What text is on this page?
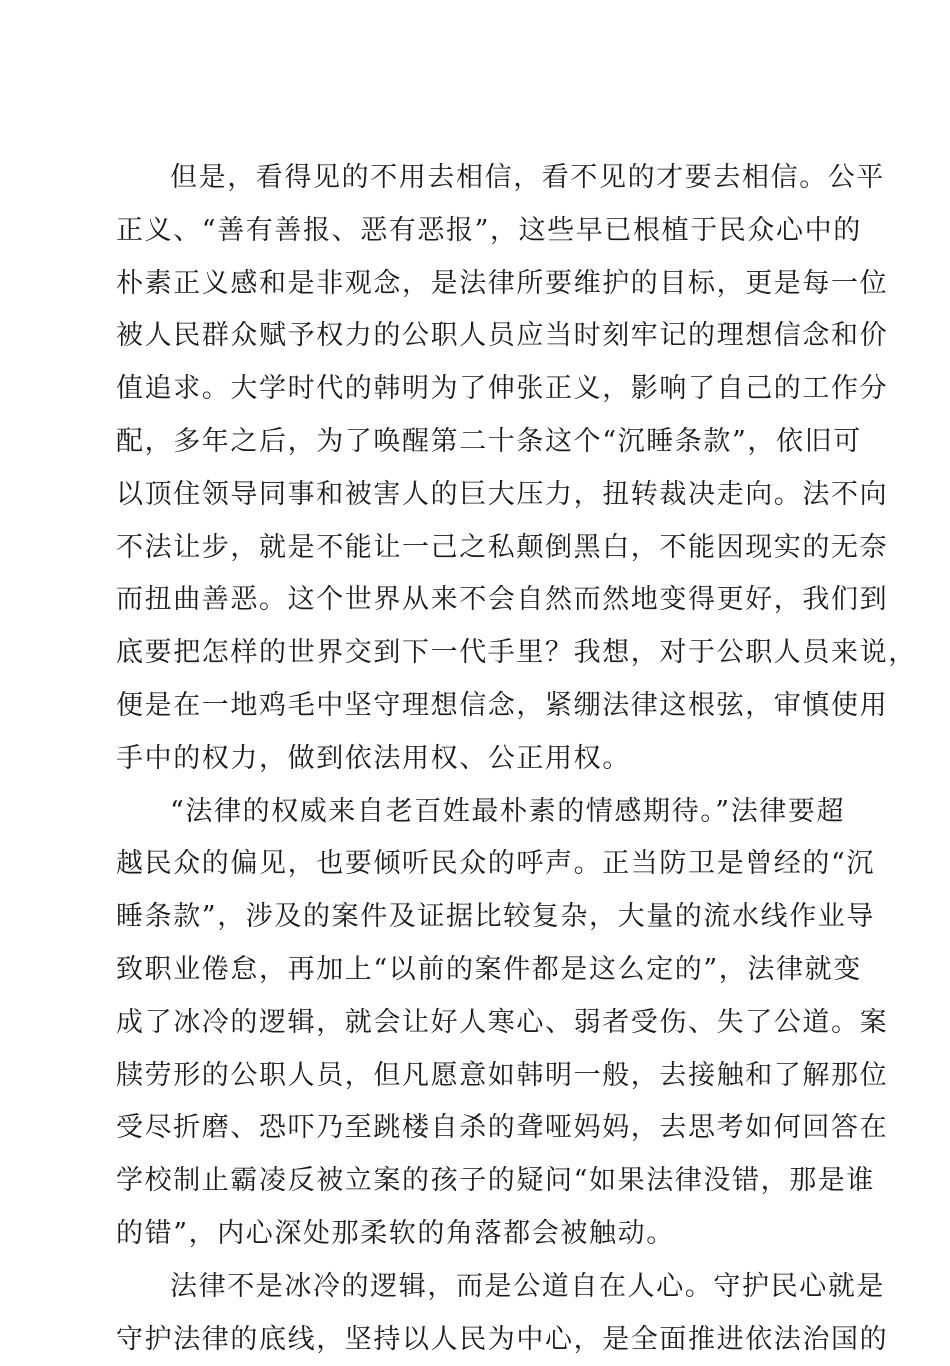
但是，看得见的不用去相信，看不见的才要去相信。公平
正义、“善有善报、恶有恶报”，这些早已根植于民众心中的
朴素正义感和是非观念，是法律所要维护的目标，更是每一位
被人民群众赋予权力的公职人员应当时刻牢记的理想信念和价
值追求。大学时代的韩明为了伸张正义，影响了自己的工作分
配，多年之后，为了唤醒第二十条这个“沉睡条款”，依旧可
以顶住领导同事和被害人的巨大压力，扭转裁决走向。法不向
不法让步，就是不能让一己之私颠倒黑白，不能因现实的无奈
而扭曲善恶。这个世界从来不会自然而然地变得更好，我们到
底要把怎样的世界交到下一代手里？我想，对于公职人员来说，
便是在一地鸡毛中坚守理想信念，紧绷法律这根弦，审慎使用
手中的权力，做到依法用权、公正用权。
“法律的权威来自老百姓最朴素的情感期待。”法律要超
越民众的偏见，也要倾听民众的呼声。正当防卫是曾经的“沉
睡条款”，涉及的案件及证据比较复杂，大量的流水线作业导
致职业倦怠，再加上“以前的案件都是这么定的”，法律就变
成了冰冷的逻辑，就会让好人寒心、弱者受伤、失了公道。案
牍劳形的公职人员，但凡愿意如韩明一般，去接触和了解那位
受尽折磨、恐吓乃至跳楼自杀的聋哑妈妈，去思考如何回答在
学校制止霸凌反被立案的孩子的疑问“如果法律没错，那是谁
的错”，内心深处那柔软的角落都会被触动。
法律不是冰冷的逻辑，而是公道自在人心。守护民心就是
守护法律的底线，坚持以人民为中心，是全面推进依法治国的
